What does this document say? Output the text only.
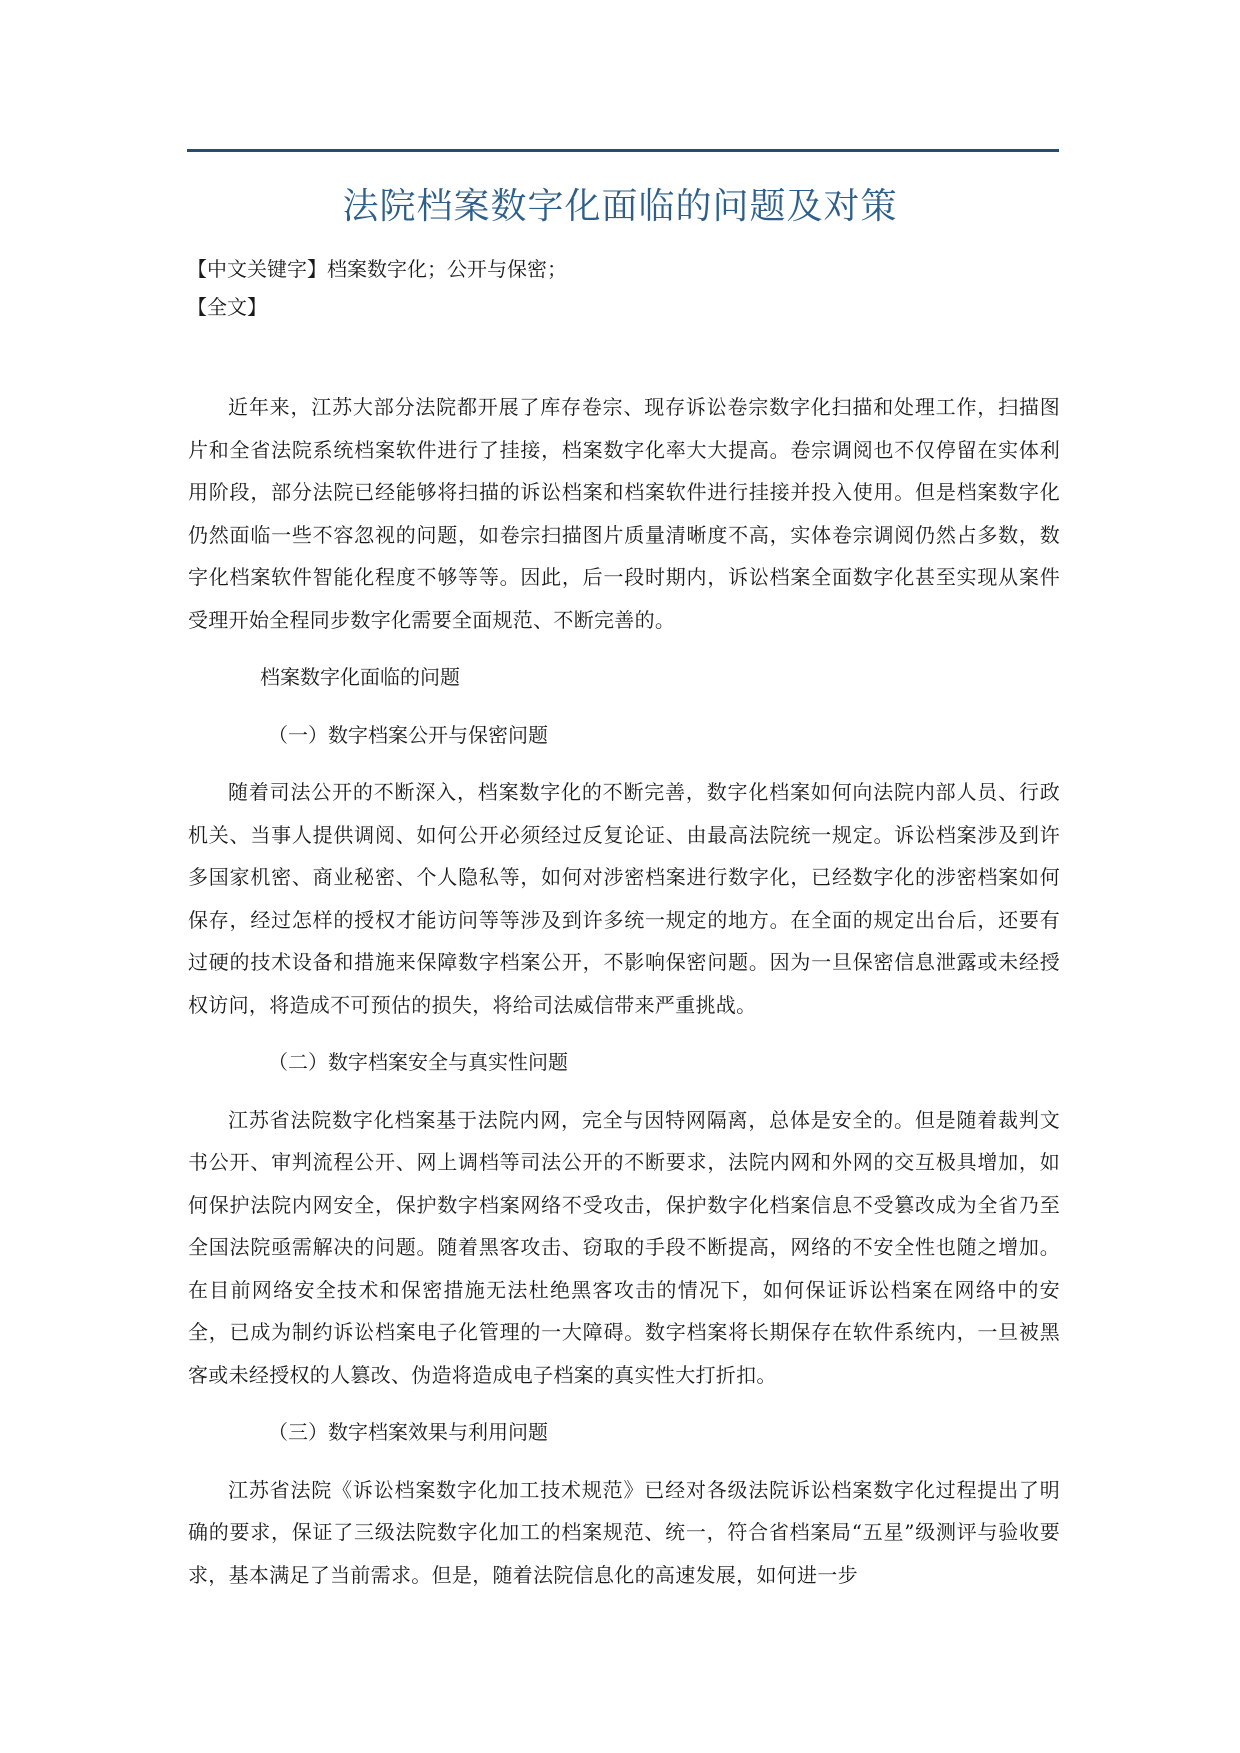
法院档案数字化面临的问题及对策
【中文关键字】档案数字化；公开与保密；
【全文】

近年来，江苏大部分法院都开展了库存卷宗、现存诉讼卷宗数字化扫描和处理工作，扫描图片和全省法院系统档案软件进行了挂接，档案数字化率大大提高。卷宗调阅也不仅停留在实体利用阶段，部分法院已经能够将扫描的诉讼档案和档案软件进行挂接并投入使用。但是档案数字化仍然面临一些不容忽视的问题，如卷宗扫描图片质量清晰度不高，实体卷宗调阅仍然占多数，数字化档案软件智能化程度不够等等。因此，后一段时期内，诉讼档案全面数字化甚至实现从案件受理开始全程同步数字化需要全面规范、不断完善的。

档案数字化面临的问题

（一）数字档案公开与保密问题

随着司法公开的不断深入，档案数字化的不断完善，数字化档案如何向法院内部人员、行政机关、当事人提供调阅、如何公开必须经过反复论证、由最高法院统一规定。诉讼档案涉及到许多国家机密、商业秘密、个人隐私等，如何对涉密档案进行数字化，已经数字化的涉密档案如何保存，经过怎样的授权才能访问等等涉及到许多统一规定的地方。在全面的规定出台后，还要有过硬的技术设备和措施来保障数字档案公开，不影响保密问题。因为一旦保密信息泄露或未经授权访问，将造成不可预估的损失，将给司法威信带来严重挑战。

（二）数字档案安全与真实性问题

江苏省法院数字化档案基于法院内网，完全与因特网隔离，总体是安全的。但是随着裁判文书公开、审判流程公开、网上调档等司法公开的不断要求，法院内网和外网的交互极具增加，如何保护法院内网安全，保护数字档案网络不受攻击，保护数字化档案信息不受篡改成为全省乃至全国法院亟需解决的问题。随着黑客攻击、窃取的手段不断提高，网络的不安全性也随之增加。在目前网络安全技术和保密措施无法杜绝黑客攻击的情况下，如何保证诉讼档案在网络中的安全，已成为制约诉讼档案电子化管理的一大障碍。数字档案将长期保存在软件系统内，一旦被黑客或未经授权的人篡改、伪造将造成电子档案的真实性大打折扣。

（三）数字档案效果与利用问题

江苏省法院《诉讼档案数字化加工技术规范》已经对各级法院诉讼档案数字化过程提出了明确的要求，保证了三级法院数字化加工的档案规范、统一，符合省档案局“五星”级测评与验收要求，基本满足了当前需求。但是，随着法院信息化的高速发展，如何进一步
